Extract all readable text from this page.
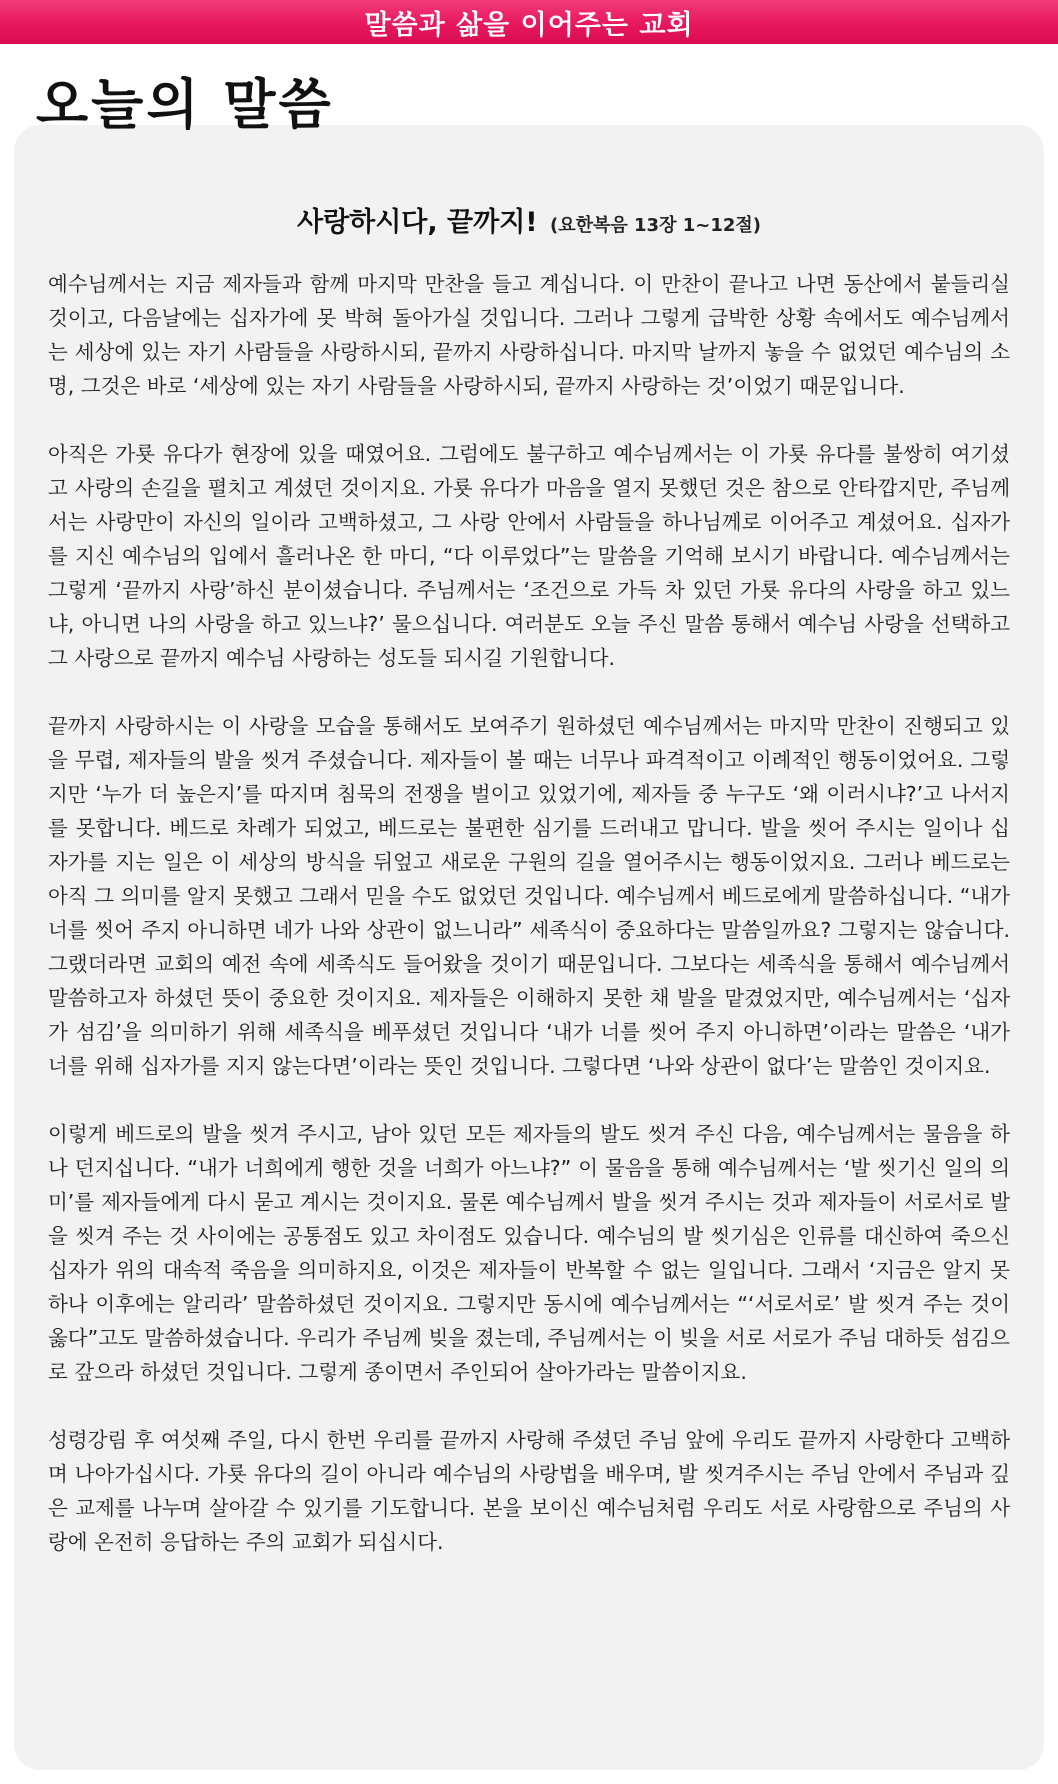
말씀과 삶을 이어주는 교회
오늘의 말씀
사랑하시다, 끝까지! (요한복음 13장 1~12절)

예수님께서는 지금 제자들과 함께 마지막 만찬을 들고 계십니다. 이 만찬이 끝나고 나면 동산에서 붙들리실 것이고, 다음날에는 십자가에 못 박혀 돌아가실 것입니다. 그러나 그렇게 급박한 상황 속에서도 예수님께서는 세상에 있는 자기 사람들을 사랑하시되, 끝까지 사랑하십니다. 마지막 날까지 놓을 수 없었던 예수님의 소명, 그것은 바로 ‘세상에 있는 자기 사람들을 사랑하시되, 끝까지 사랑하는 것’이었기 때문입니다.

아직은 가룟 유다가 현장에 있을 때였어요. 그럼에도 불구하고 예수님께서는 이 가룟 유다를 불쌍히 여기셨고 사랑의 손길을 펼치고 계셨던 것이지요. 가룟 유다가 마음을 열지 못했던 것은 참으로 안타깝지만, 주님께서는 사랑만이 자신의 일이라 고백하셨고, 그 사랑 안에서 사람들을 하나님께로 이어주고 계셨어요. 십자가를 지신 예수님의 입에서 흘러나온 한 마디, “다 이루었다”는 말씀을 기억해 보시기 바랍니다. 예수님께서는 그렇게 ‘끝까지 사랑’하신 분이셨습니다. 주님께서는 ‘조건으로 가득 차 있던 가룟 유다의 사랑을 하고 있느냐, 아니면 나의 사랑을 하고 있느냐?’ 물으십니다. 여러분도 오늘 주신 말씀 통해서 예수님 사랑을 선택하고 그 사랑으로 끝까지 예수님 사랑하는 성도들 되시길 기원합니다.

끝까지 사랑하시는 이 사랑을 모습을 통해서도 보여주기 원하셨던 예수님께서는 마지막 만찬이 진행되고 있을 무렵, 제자들의 발을 씻겨 주셨습니다. 제자들이 볼 때는 너무나 파격적이고 이례적인 행동이었어요. 그렇지만 ‘누가 더 높은지’를 따지며 침묵의 전쟁을 벌이고 있었기에, 제자들 중 누구도 ‘왜 이러시냐?’고 나서지를 못합니다. 베드로 차례가 되었고, 베드로는 불편한 심기를 드러내고 맙니다. 발을 씻어 주시는 일이나 십자가를 지는 일은 이 세상의 방식을 뒤엎고 새로운 구원의 길을 열어주시는 행동이었지요. 그러나 베드로는 아직 그 의미를 알지 못했고 그래서 믿을 수도 없었던 것입니다. 예수님께서 베드로에게 말씀하십니다. “내가 너를 씻어 주지 아니하면 네가 나와 상관이 없느니라” 세족식이 중요하다는 말씀일까요? 그렇지는 않습니다. 그랬더라면 교회의 예전 속에 세족식도 들어왔을 것이기 때문입니다. 그보다는 세족식을 통해서 예수님께서 말씀하고자 하셨던 뜻이 중요한 것이지요. 제자들은 이해하지 못한 채 발을 맡겼었지만, 예수님께서는 ‘십자가 섬김’을 의미하기 위해 세족식을 베푸셨던 것입니다 ‘내가 너를 씻어 주지 아니하면’이라는 말씀은 ‘내가 너를 위해 십자가를 지지 않는다면’이라는 뜻인 것입니다. 그렇다면 ‘나와 상관이 없다’는 말씀인 것이지요.

이렇게 베드로의 발을 씻겨 주시고, 남아 있던 모든 제자들의 발도 씻겨 주신 다음, 예수님께서는 물음을 하나 던지십니다. “내가 너희에게 행한 것을 너희가 아느냐?” 이 물음을 통해 예수님께서는 ‘발 씻기신 일의 의미’를 제자들에게 다시 묻고 계시는 것이지요. 물론 예수님께서 발을 씻겨 주시는 것과 제자들이 서로서로 발을 씻겨 주는 것 사이에는 공통점도 있고 차이점도 있습니다. 예수님의 발 씻기심은 인류를 대신하여 죽으신 십자가 위의 대속적 죽음을 의미하지요, 이것은 제자들이 반복할 수 없는 일입니다. 그래서 ‘지금은 알지 못하나 이후에는 알리라’ 말씀하셨던 것이지요. 그렇지만 동시에 예수님께서는 “‘서로서로’ 발 씻겨 주는 것이 옳다”고도 말씀하셨습니다. 우리가 주님께 빚을 졌는데, 주님께서는 이 빚을 서로 서로가 주님 대하듯 섬김으로 갚으라 하셨던 것입니다. 그렇게 종이면서 주인되어 살아가라는 말씀이지요.

성령강림 후 여섯째 주일, 다시 한번 우리를 끝까지 사랑해 주셨던 주님 앞에 우리도 끝까지 사랑한다 고백하며 나아가십시다. 가룟 유다의 길이 아니라 예수님의 사랑법을 배우며, 발 씻겨주시는 주님 안에서 주님과 깊은 교제를 나누며 살아갈 수 있기를 기도합니다. 본을 보이신 예수님처럼 우리도 서로 사랑함으로 주님의 사랑에 온전히 응답하는 주의 교회가 되십시다.
